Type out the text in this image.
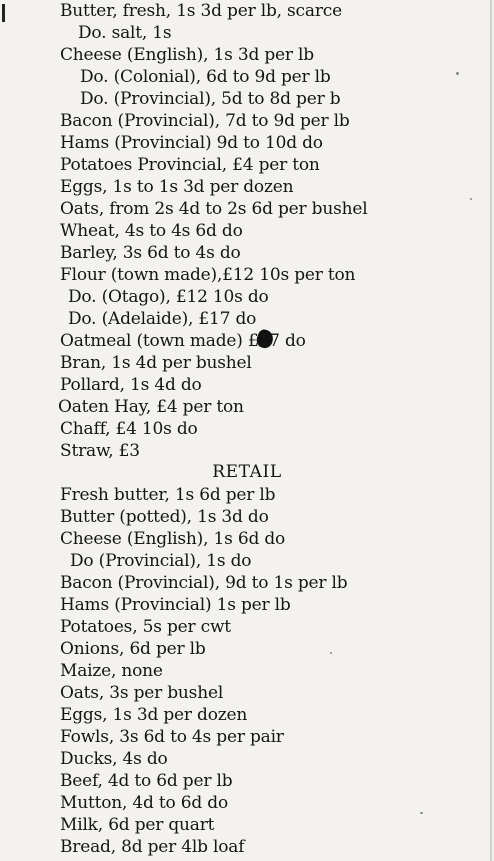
Butter, fresh, 1s 3d per lb, scarce
Do. salt, 1s
Cheese (English), 1s 3d per lb
Do. (Colonial), 6d to 9d per lb
Do. (Provincial), 5d to 8d per b
Bacon (Provincial), 7d to 9d per lb
Hams (Provincial) 9d to 10d do
Potatoes Provincial, £4 per ton
Eggs, 1s to 1s 3d per dozen
Oats, from 2s 4d to 2s 6d per bushel
Wheat, 4s to 4s 6d do
Barley, 3s 6d to 4s do
Flour (town made),£12 10s per ton
Do. (Otago), £12 10s do
Do. (Adelaide), £17 do
Oatmeal (town made) £17 do
Bran, 1s 4d per bushel
Pollard, 1s 4d do
Oaten Hay, £4 per ton
Chaff, £4 10s do
Straw, £3
RETAIL
Fresh butter, 1s 6d per lb
Butter (potted), 1s 3d do
Cheese (English), 1s 6d do
Do (Provincial), 1s do
Bacon (Provincial), 9d to 1s per lb
Hams (Provincial) 1s per lb
Potatoes, 5s per cwt
Onions, 6d per lb
Maize, none
Oats, 3s per bushel
Eggs, 1s 3d per dozen
Fowls, 3s 6d to 4s per pair
Ducks, 4s do
Beef, 4d to 6d per lb
Mutton, 4d to 6d do
Milk, 6d per quart
Bread, 8d per 4lb loaf
